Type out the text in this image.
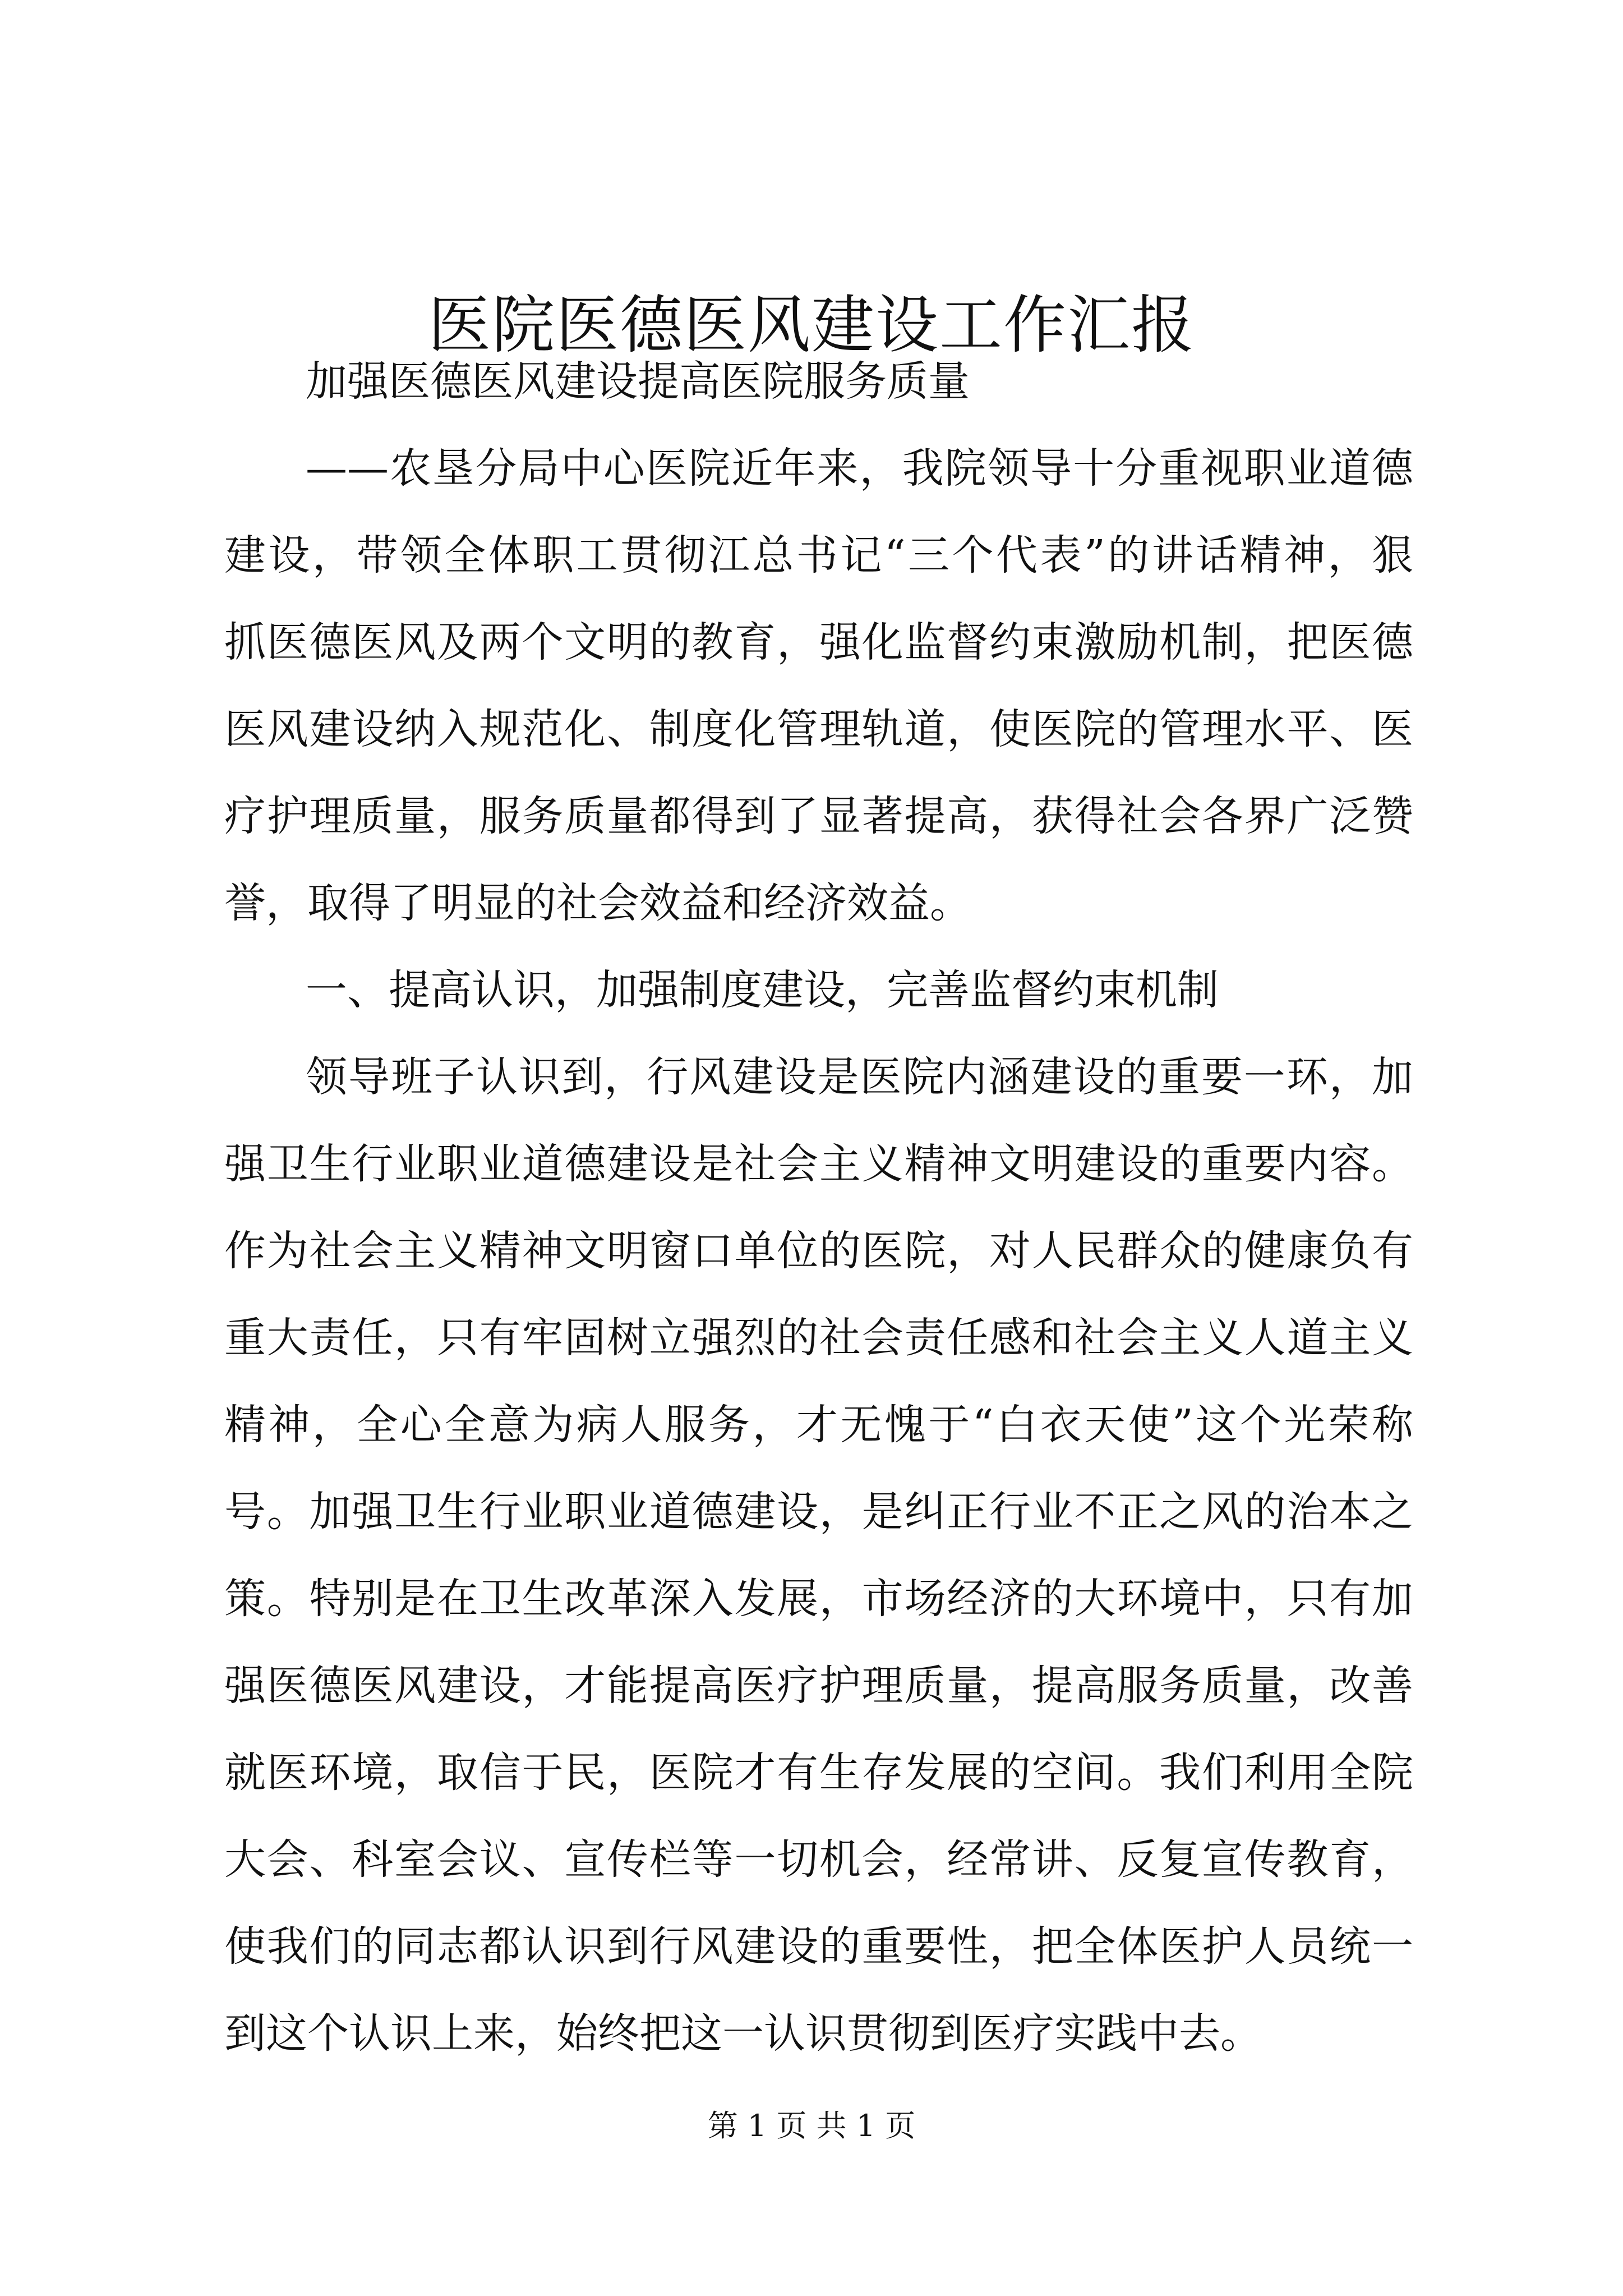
医院医德医风建设工作汇报

加强医德医风建设提高医院服务质量

——农垦分局中心医院近年来，我院领导十分重视职业道德

建设，带领全体职工贯彻江总书记“三个代表”的讲话精神，狠

抓医德医风及两个文明的教育，强化监督约束激励机制，把医德

医风建设纳入规范化、制度化管理轨道，使医院的管理水平、医

疗护理质量，服务质量都得到了显著提高，获得社会各界广泛赞

誉，取得了明显的社会效益和经济效益。

一、提高认识，加强制度建设，完善监督约束机制

领导班子认识到，行风建设是医院内涵建设的重要一环，加

强卫生行业职业道德建设是社会主义精神文明建设的重要内容。

作为社会主义精神文明窗口单位的医院，对人民群众的健康负有

重大责任，只有牢固树立强烈的社会责任感和社会主义人道主义

精神，全心全意为病人服务，才无愧于“白衣天使”这个光荣称

号。加强卫生行业职业道德建设，是纠正行业不正之风的治本之

策。特别是在卫生改革深入发展，市场经济的大环境中，只有加

强医德医风建设，才能提高医疗护理质量，提高服务质量，改善

就医环境，取信于民，医院才有生存发展的空间。我们利用全院

大会、科室会议、宣传栏等一切机会，经常讲、反复宣传教育，

使我们的同志都认识到行风建设的重要性，把全体医护人员统一

到这个认识上来，始终把这一认识贯彻到医疗实践中去。

第 1 页 共 1 页
